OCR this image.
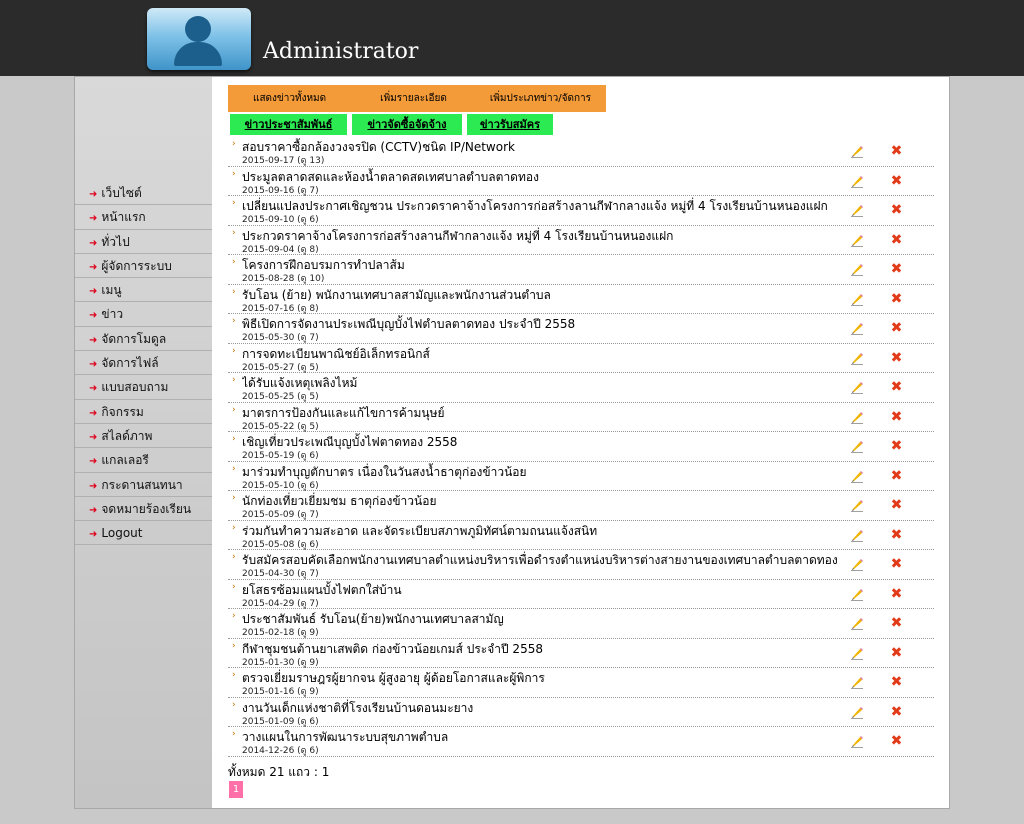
Administrator
➜ เว็บไซต์
➜ หน้าแรก
➜ ทั่วไป
➜ ผู้จัดการระบบ
➜ เมนู
➜ ข่าว
➜ จัดการโมดูล
➜ จัดการไฟล์
➜ แบบสอบถาม
➜ กิจกรรม
➜ สไลด์ภาพ
➜ แกลเลอรี
➜ กระดานสนทนา
➜ จดหมายร้องเรียน
➜ Logout
แสดงข่าวทั้งหมด	เพิ่มรายละเอียด	เพิ่มประเภทข่าว/จัดการ
ข่าวประชาสัมพันธ์	ข่าวจัดซื้อจัดจ้าง	ข่าวรับสมัคร
› สอบราคาซื้อกล้องวงจรปิด (CCTV)ชนิด IP/Network
2015-09-17 (ดู 13)
✖
› ประมูลตลาดสดและห้องน้ำตลาดสดเทศบาลตำบลตาดทอง
2015-09-16 (ดู 7)
✖
› เปลี่ยนแปลงประกาศเชิญชวน ประกวดราคาจ้างโครงการก่อสร้างลานกีฬากลางแจ้ง หมู่ที่ 4 โรงเรียนบ้านหนองแฝก
2015-09-10 (ดู 6)
✖
› ประกวดราคาจ้างโครงการก่อสร้างลานกีฬากลางแจ้ง หมู่ที่ 4 โรงเรียนบ้านหนองแฝก
2015-09-04 (ดู 8)
✖
› โครงการฝึกอบรมการทำปลาส้ม
2015-08-28 (ดู 10)
✖
› รับโอน (ย้าย) พนักงานเทศบาลสามัญและพนักงานส่วนตำบล
2015-07-16 (ดู 8)
✖
› พิธีเปิดการจัดงานประเพณีบุญบั้งไฟตำบลตาดทอง ประจำปี 2558
2015-05-30 (ดู 7)
✖
› การจดทะเบียนพาณิชย์อิเล็กทรอนิกส์
2015-05-27 (ดู 5)
✖
› ได้รับแจ้งเหตุเพลิงไหม้
2015-05-25 (ดู 5)
✖
› มาตรการป้องกันและแก้ไขการค้ามนุษย์
2015-05-22 (ดู 5)
✖
› เชิญเที่ยวประเพณีบุญบั้งไฟตาดทอง 2558
2015-05-19 (ดู 6)
✖
› มาร่วมทำบุญตักบาตร เนื่องในวันสงน้ำธาตุก่องข้าวน้อย
2015-05-10 (ดู 6)
✖
› นักท่องเที่ยวเยี่ยมชม ธาตุก่องข้าวน้อย
2015-05-09 (ดู 7)
✖
› ร่วมกันทำความสะอาด และจัดระเบียบสภาพภูมิทัศน์ตามถนนแจ้งสนิท
2015-05-08 (ดู 6)
✖
› รับสมัครสอบคัดเลือกพนักงานเทศบาลตำแหน่งบริหารเพื่อดำรงตำแหน่งบริหารต่างสายงานของเทศบาลตำบลตาดทอง
2015-04-30 (ดู 7)
✖
› ยโสธรซ้อมแผนบั้งไฟตกใส่บ้าน
2015-04-29 (ดู 7)
✖
› ประชาสัมพันธ์ รับโอน(ย้าย)พนักงานเทศบาลสามัญ
2015-02-18 (ดู 9)
✖
› กีฬาชุมชนต้านยาเสพติด ก่องข้าวน้อยเกมส์ ประจำปี 2558
2015-01-30 (ดู 9)
✖
› ตรวจเยี่ยมราษฎรผู้ยากจน ผู้สูงอายุ ผู้ด้อยโอกาสและผู้พิการ
2015-01-16 (ดู 9)
✖
› งานวันเด็กแห่งชาติที่โรงเรียนบ้านดอนมะยาง
2015-01-09 (ดู 6)
✖
› วางแผนในการพัฒนาระบบสุขภาพตำบล
2014-12-26 (ดู 6)
✖
ทั้งหมด 21 แถว : 1
1
